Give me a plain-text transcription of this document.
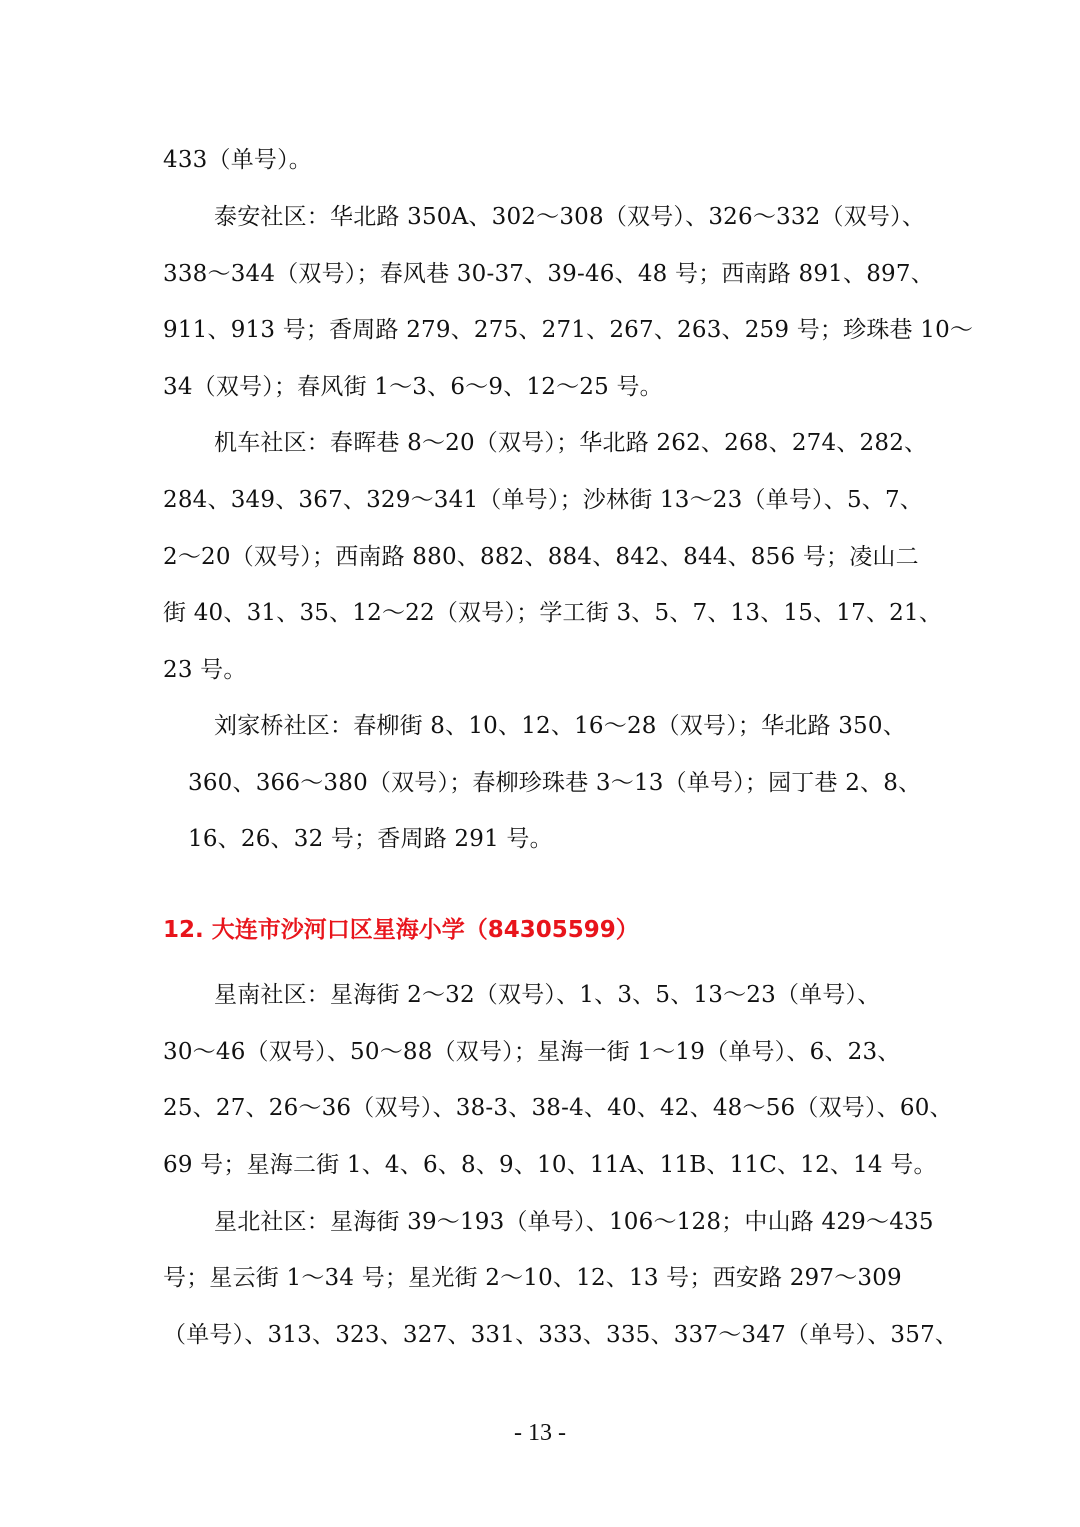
433（单号）。
泰安社区：华北路 350A、302～308（双号）、326～332（双号）、
338～344（双号）；春风巷 30-37、39-46、48 号；西南路 891、897、
911、913 号；香周路 279、275、271、267、263、259 号；珍珠巷 10～
34（双号）；春风街 1～3、6～9、12～25 号。
机车社区：春晖巷 8～20（双号）；华北路 262、268、274、282、
284、349、367、329～341（单号）；沙林街 13～23（单号）、5、7、
2～20（双号）；西南路 880、882、884、842、844、856 号；凌山二
街 40、31、35、12～22（双号）；学工街 3、5、7、13、15、17、21、
23 号。
刘家桥社区：春柳街 8、10、12、16～28（双号）；华北路 350、
360、366～380（双号）；春柳珍珠巷 3～13（单号）；园丁巷 2、8、
16、26、32 号；香周路 291 号。
12. 大连市沙河口区星海小学（84305599）
星南社区：星海街 2～32（双号）、1、3、5、13～23（单号）、
30～46（双号）、50～88（双号）；星海一街 1～19（单号）、6、23、
25、27、26～36（双号）、38-3、38-4、40、42、48～56（双号）、60、
69 号；星海二街 1、4、6、8、9、10、11A、11B、11C、12、14 号。
星北社区：星海街 39～193（单号）、106～128；中山路 429～435
号；星云街 1～34 号；星光街 2～10、12、13 号；西安路 297～309
（单号）、313、323、327、331、333、335、337～347（单号）、357、
- 13 -
